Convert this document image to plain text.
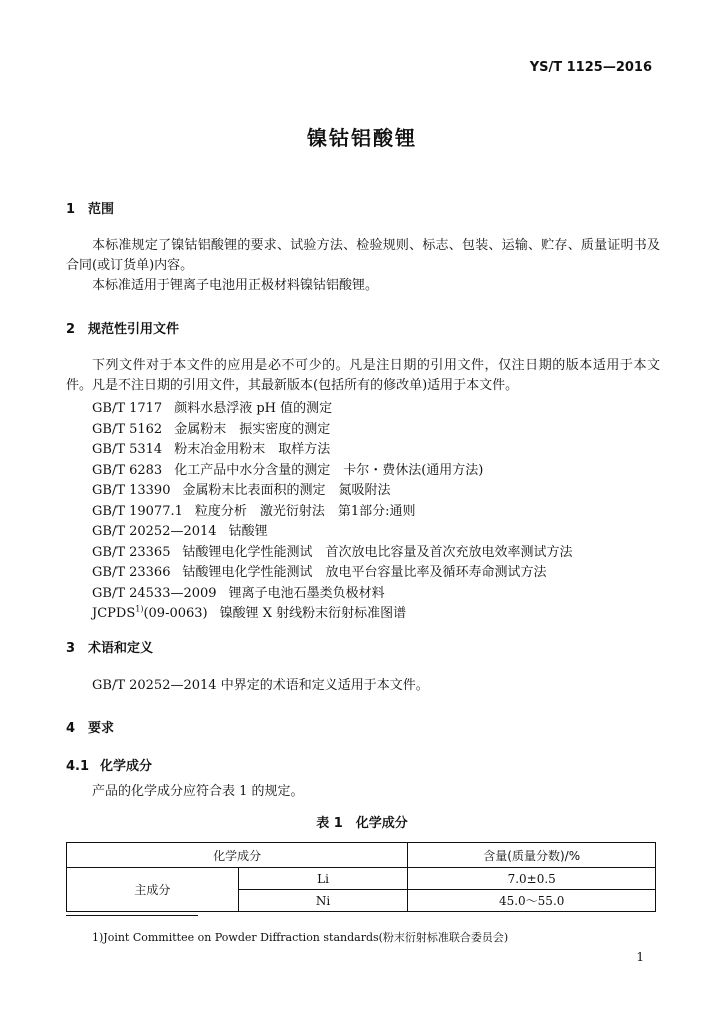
YS/T 1125—2016
镍钴铝酸锂
1 范围
本标准规定了镍钴铝酸锂的要求、试验方法、检验规则、标志、包装、运输、贮存、质量证明书及合同(或订货单)内容。
本标准适用于锂离子电池用正极材料镍钴铝酸锂。
2 规范性引用文件
下列文件对于本文件的应用是必不可少的。凡是注日期的引用文件，仅注日期的版本适用于本文件。凡是不注日期的引用文件，其最新版本(包括所有的修改单)适用于本文件。
GB/T 1717 颜料水悬浮液 pH 值的测定
GB/T 5162 金属粉末　振实密度的测定
GB/T 5314 粉末冶金用粉末　取样方法
GB/T 6283 化工产品中水分含量的测定　卡尔・费休法(通用方法)
GB/T 13390 金属粉末比表面积的测定　氮吸附法
GB/T 19077.1 粒度分析　激光衍射法　第1部分:通则
GB/T 20252—2014 钴酸锂
GB/T 23365 钴酸锂电化学性能测试　首次放电比容量及首次充放电效率测试方法
GB/T 23366 钴酸锂电化学性能测试　放电平台容量比率及循环寿命测试方法
GB/T 24533—2009 锂离子电池石墨类负极材料
JCPDS$^{1)}$(09-0063) 镍酸锂 X 射线粉末衍射标准图谱
3 术语和定义
GB/T 20252—2014 中界定的术语和定义适用于本文件。
4 要求
4.1 化学成分
产品的化学成分应符合表 1 的规定。
表 1　化学成分
化学成分		含量(质量分数)/%
主成分	Li	7.0±0.5
	Ni	45.0～55.0
1)Joint Committee on Powder Diffraction standards(粉末衍射标准联合委员会)
1
